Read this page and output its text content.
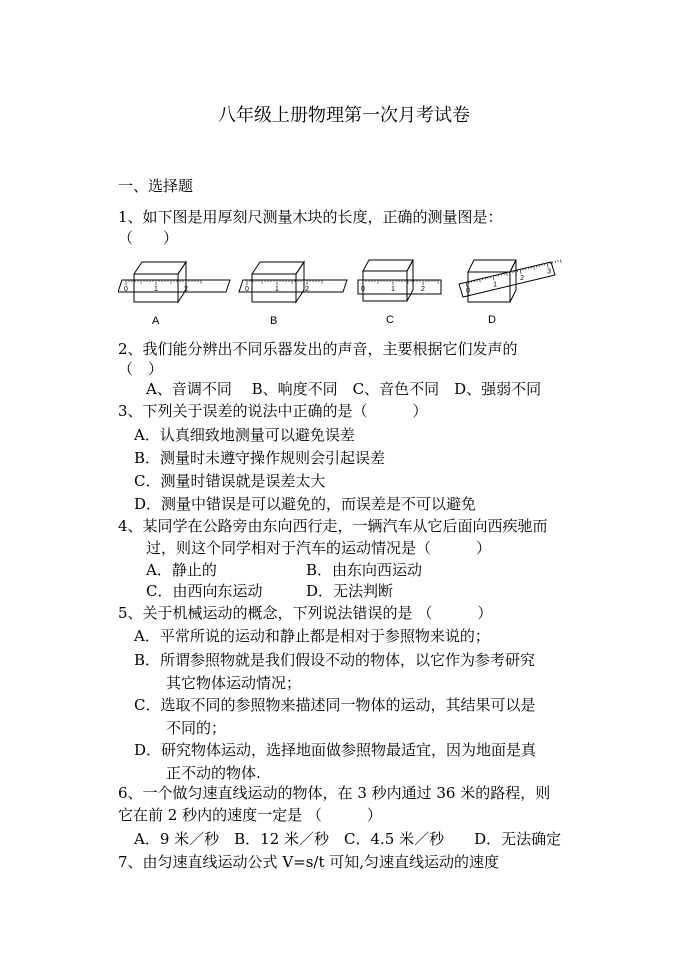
八年级上册物理第一次月考试卷
一、选择题
1、如下图是用厚刻尺测量木块的长度，正确的测量图是：
（　　）
0	1	2	0	1	2	0	1	2	0
1
2
3
A	B	C	D
2、我们能分辨出不同乐器发出的声音，主要根据它们发声的
（　）
A、音调不同　 B、响度不同　C、音色不同　D、强弱不同
3、下列关于误差的说法中正确的是（　　　）
A．认真细致地测量可以避免误差
B．测量时未遵守操作规则会引起误差
C．测量时错误就是误差太大
D．测量中错误是可以避免的，而误差是不可以避免
4、某同学在公路旁由东向西行走，一辆汽车从它后面向西疾驰而
过，则这个同学相对于汽车的运动情况是（　　　）
A．静止的	B．由东向西运动
C．由西向东运动	D．无法判断
5、关于机械运动的概念，下列说法错误的是 （　　　）
A．平常所说的运动和静止都是相对于参照物来说的；
B．所谓参照物就是我们假设不动的物体，以它作为参考研究
其它物体运动情况；
C．选取不同的参照物来描述同一物体的运动，其结果可以是
不同的；
D．研究物体运动，选择地面做参照物最适宜，因为地面是真
正不动的物体.
6、一个做匀速直线运动的物体，在 3 秒内通过 36 米的路程，则
它在前 2 秒内的速度一定是 （　　　）
A．9 米／秒　B．12 米／秒　C．4.5 米／秒　　D．无法确定
7、由匀速直线运动公式 V=s/t 可知,匀速直线运动的速度
